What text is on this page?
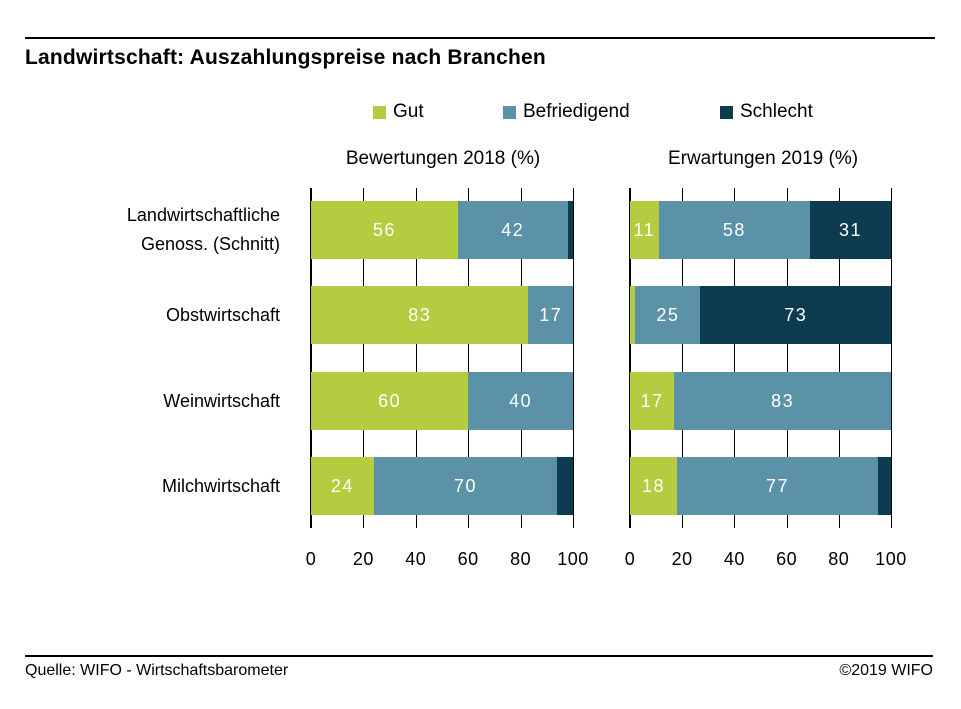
Landwirtschaft: Auszahlungspreise nach Branchen
Gut	Befriedigend	Schlecht
Bewertungen 2018 (%)	Erwartungen 2019 (%)
0 20 40 60 80 100
56	42
83	17
60	40
24	70
0 20 40 60 80 100
11	58	31
25	73
17	83
18	77
Landwirtschaftliche
Genoss. (Schnitt)
Obstwirtschaft
Weinwirtschaft
Milchwirtschaft
Quelle: WIFO - Wirtschaftsbarometer	©2019 WIFO
